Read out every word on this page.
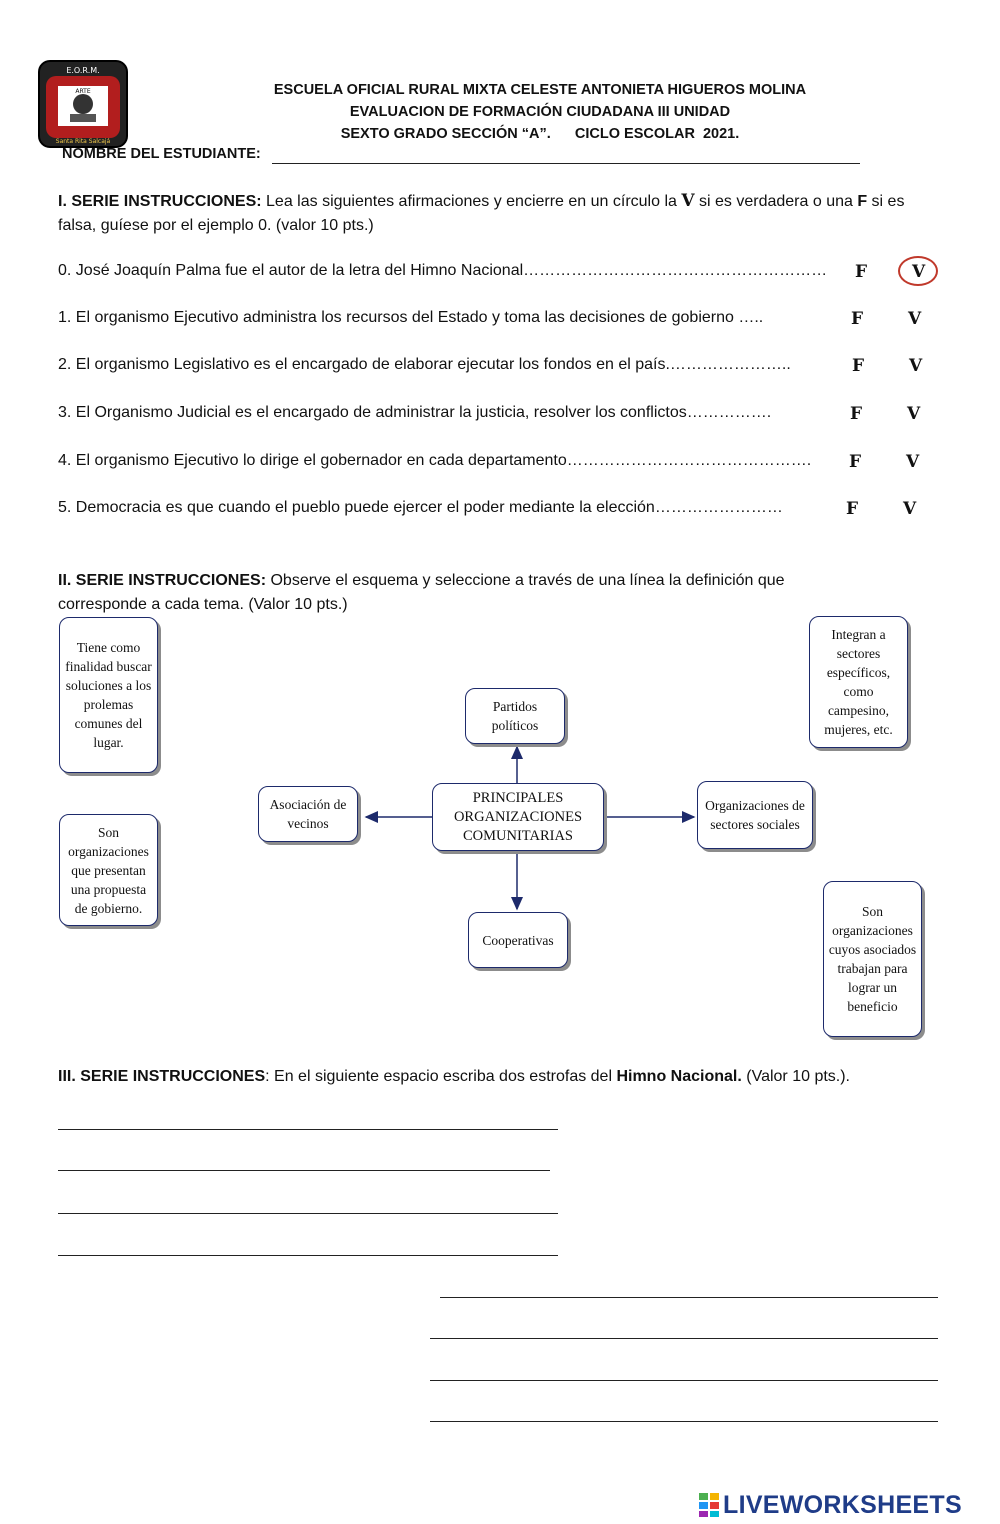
E.O.R.M.
ARTE
Santa Rita Salcajá
ESCUELA OFICIAL RURAL MIXTA CELESTE ANTONIETA HIGUEROS MOLINA
EVALUACION DE FORMACIÓN CIUDADANA III UNIDAD
SEXTO GRADO SECCIÓN “A”.      CICLO ESCOLAR  2021.
NOMBRE DEL ESTUDIANTE:
I. SERIE INSTRUCCIONES: Lea las siguientes afirmaciones y encierre en un círculo la V si es verdadera o una F si es falsa, guíese por el ejemplo 0. (valor 10 pts.)
0. José Joaquín Palma fue el autor de la letra del Himno Nacional………………………………………………… F	V
1. El organismo Ejecutivo administra los recursos del Estado y toma las decisiones de gobierno …..	F	V
2. El organismo Legislativo es el encargado de elaborar ejecutar los fondos en el país.…………………..	F	V
3. El Organismo Judicial es el encargado de administrar la justicia, resolver los conflictos…………….	F	V
4. El organismo Ejecutivo lo dirige el gobernador en cada departamento………………………………………. F	V
5. Democracia es que cuando el pueblo puede ejercer el poder mediante la elección……………………	F	V
II. SERIE INSTRUCCIONES: Observe el esquema y seleccione a través de una línea la definición que corresponde a cada tema. (Valor 10 pts.)
PRINCIPALES ORGANIZACIONES COMUNITARIAS
Partidos políticos
Asociación de vecinos
Organizaciones de sectores sociales
Cooperativas
Tiene como finalidad buscar soluciones a los prolemas comunes del lugar.
Son organizaciones que presentan una propuesta de gobierno.
Integran a sectores específicos, como campesino, mujeres, etc.
Son organizaciones cuyos asociados trabajan para lograr un beneficio
III. SERIE INSTRUCCIONES: En el siguiente espacio escriba dos estrofas del Himno Nacional. (Valor 10 pts.).
LIVEWORKSHEETS
